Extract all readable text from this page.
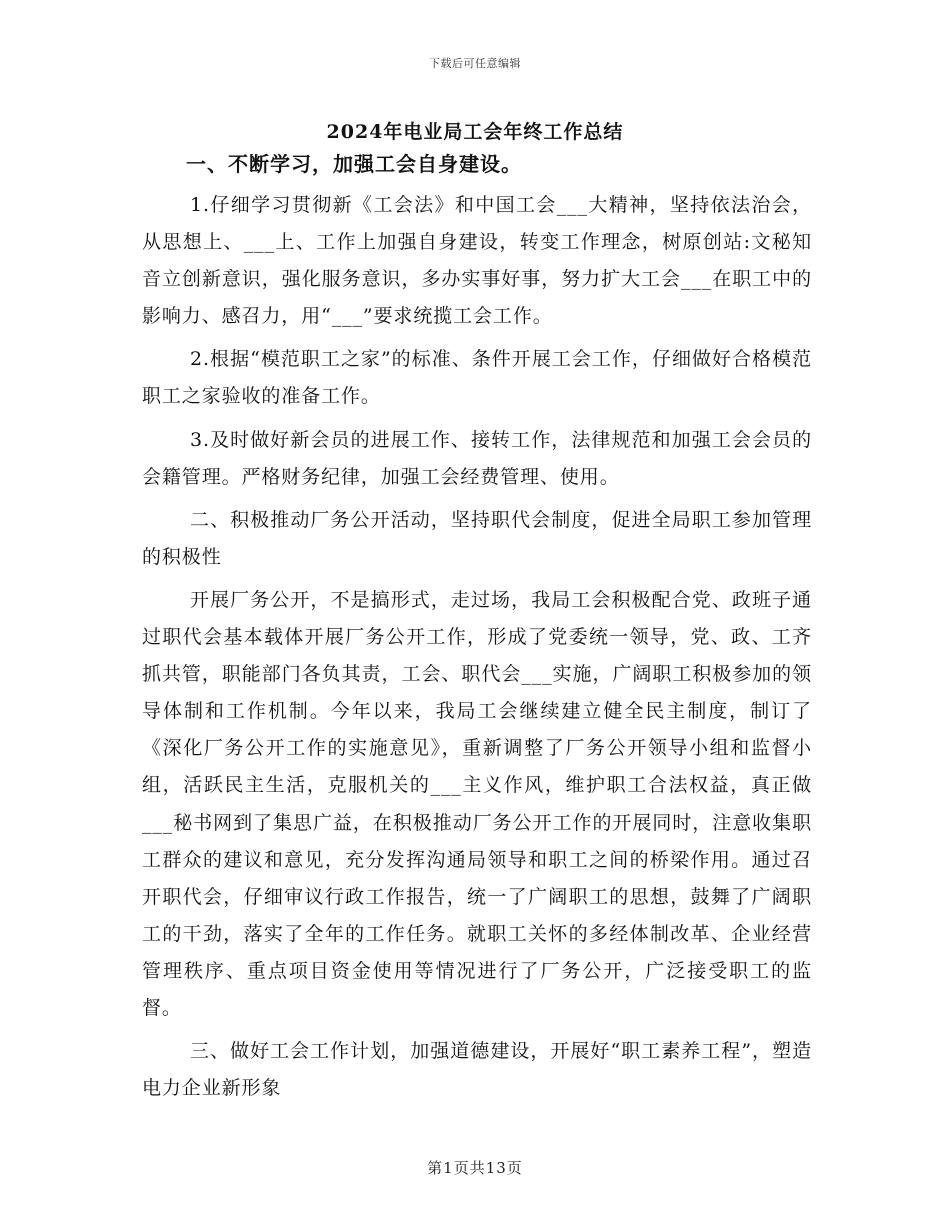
下载后可任意编辑
2024年电业局工会年终工作总结

一、不断学习，加强工会自身建设。

1.仔细学习贯彻新《工会法》和中国工会___大精神，坚持依法治会，从思想上、___上、工作上加强自身建设，转变工作理念，树原创站:文秘知音立创新意识，强化服务意识，多办实事好事，努力扩大工会___在职工中的影响力、感召力，用“___”要求统揽工会工作。

2.根据“模范职工之家”的标准、条件开展工会工作，仔细做好合格模范职工之家验收的准备工作。

3.及时做好新会员的进展工作、接转工作，法律规范和加强工会会员的会籍管理。严格财务纪律，加强工会经费管理、使用。

二、积极推动厂务公开活动，坚持职代会制度，促进全局职工参加管理的积极性

开展厂务公开，不是搞形式，走过场，我局工会积极配合党、政班子通过职代会基本载体开展厂务公开工作，形成了党委统一领导，党、政、工齐抓共管，职能部门各负其责，工会、职代会___实施，广阔职工积极参加的领导体制和工作机制。今年以来，我局工会继续建立健全民主制度，制订了《深化厂务公开工作的实施意见》，重新调整了厂务公开领导小组和监督小组，活跃民主生活，克服机关的___主义作风，维护职工合法权益，真正做___秘书网到了集思广益，在积极推动厂务公开工作的开展同时，注意收集职工群众的建议和意见，充分发挥沟通局领导和职工之间的桥梁作用。通过召开职代会，仔细审议行政工作报告，统一了广阔职工的思想，鼓舞了广阔职工的干劲，落实了全年的工作任务。就职工关怀的多经体制改革、企业经营管理秩序、重点项目资金使用等情况进行了厂务公开，广泛接受职工的监督。

三、做好工会工作计划，加强道德建设，开展好“职工素养工程”，塑造电力企业新形象

第1页共13页
